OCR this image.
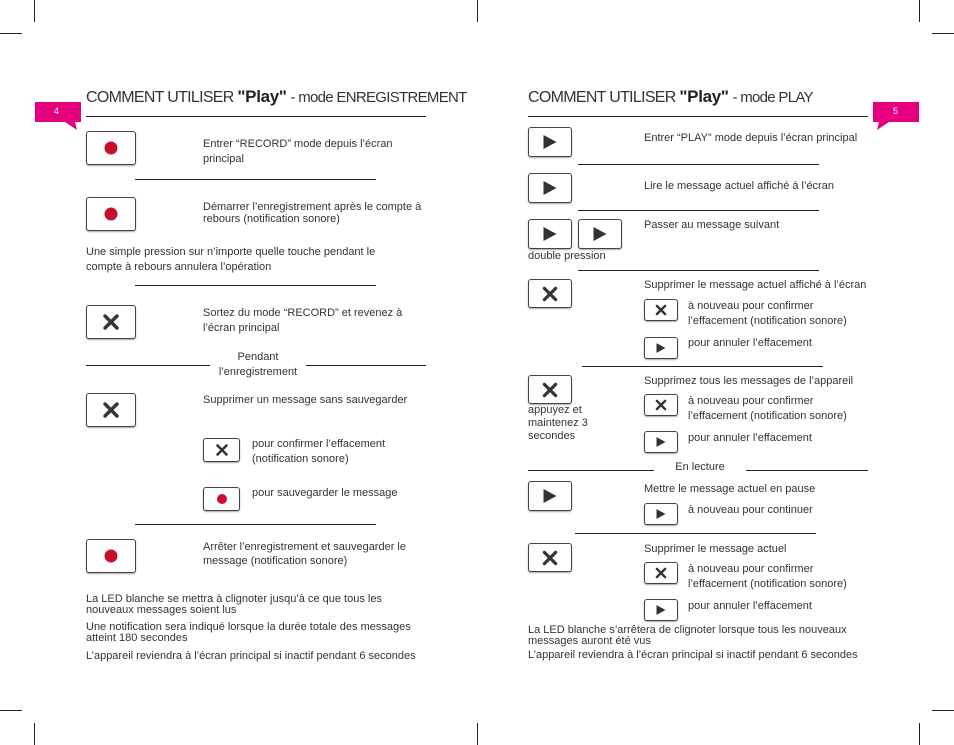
4
COMMENT UTILISER "Play" - mode ENREGISTREMENT
Entrer “RECORD” mode depuis l’écran principal
Démarrer l’enregistrement après le compte à rebours (notification sonore)
Une simple pression sur n’importe quelle touche pendant le compte à rebours annulera l’opération
Sortez du mode “RECORD” et revenez à l’écran principal
Pendant
l’enregistrement
Supprimer un message sans sauvegarder
pour confirmer l’effacement (notification sonore)
pour sauvegarder le message
Arrêter l’enregistrement et sauvegarder le message (notification sonore)
La LED blanche se mettra à clignoter jusqu’à ce que tous les nouveaux messages soient lus
Une notification sera indiqué lorsque la durée totale des messages atteint 180 secondes
L’appareil reviendra à l’écran principal si inactif pendant 6 secondes
5
COMMENT UTILISER "Play" - mode PLAY
Entrer “PLAY” mode depuis l’écran principal
Lire le message actuel affiché à l’écran
Passer au message suivant
double pression
Supprimer le message actuel affiché à l’écran
à nouveau pour confirmer l’effacement (notification sonore)
pour annuler l’effacement
appuyez et maintenez 3 secondes
Supprimez tous les messages de l’appareil
à nouveau pour confirmer l’effacement (notification sonore)
pour annuler l’effacement
En lecture
Mettre le message actuel en pause
à nouveau pour continuer
Supprimer le message actuel
à nouveau pour confirmer l’effacement (notification sonore)
pour annuler l’effacement
La LED blanche s’arrêtera de clignoter lorsque tous les nouveaux messages auront été vus
L’appareil reviendra à l’écran principal si inactif pendant 6 secondes
